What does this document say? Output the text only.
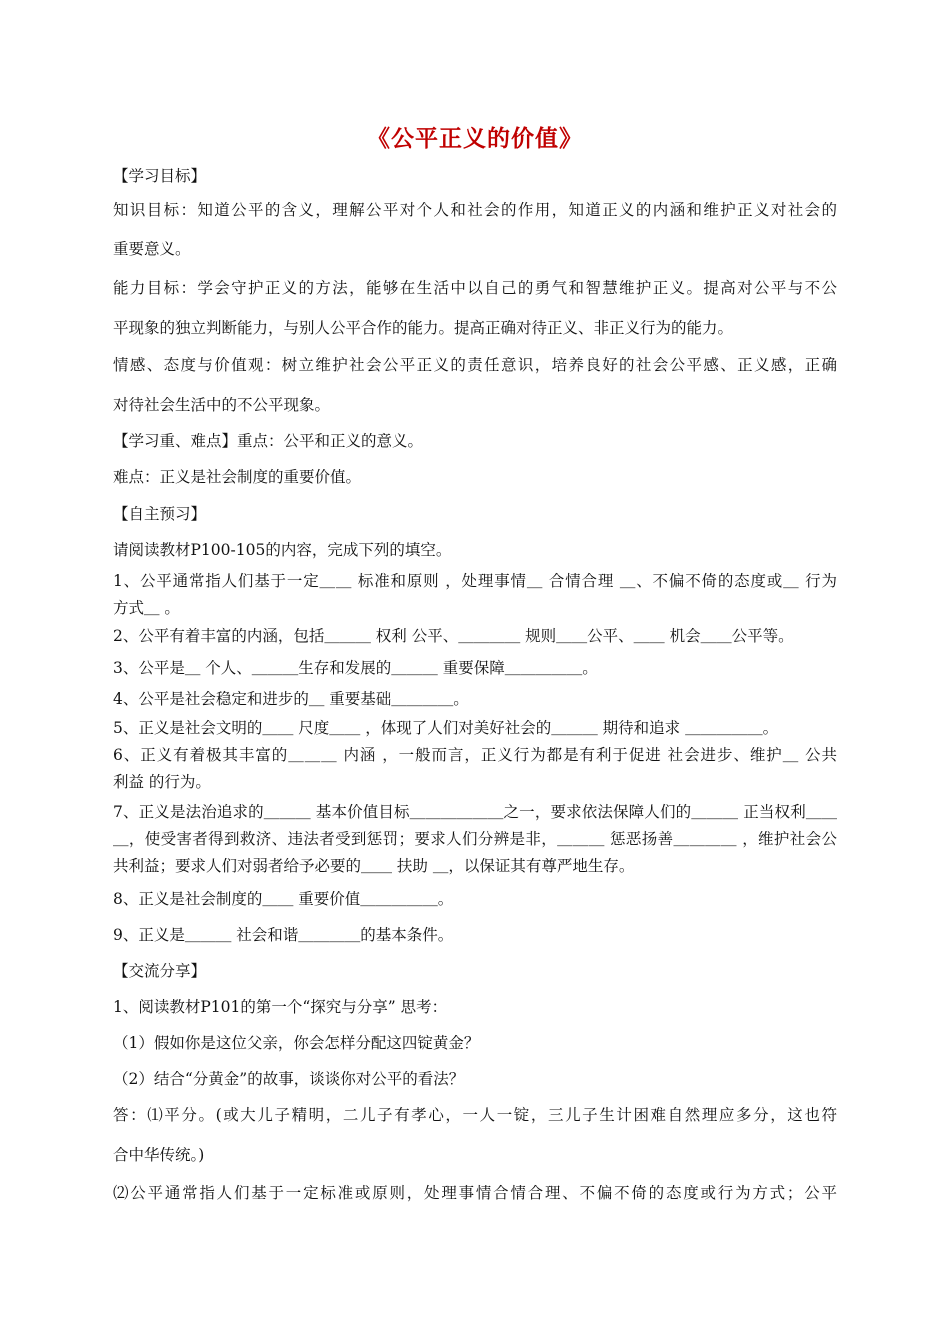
《公平正义的价值》
【学习目标】
知识目标：知道公平的含义，理解公平对个人和社会的作用，知道正义的内涵和维护正义对社会的
重要意义。
能力目标：学会守护正义的方法，能够在生活中以自己的勇气和智慧维护正义。提高对公平与不公
平现象的独立判断能力，与别人公平合作的能力。提高正确对待正义、非正义行为的能力。
情感、态度与价值观：树立维护社会公平正义的责任意识，培养良好的社会公平感、正义感，正确
对待社会生活中的不公平现象。
【学习重、难点】重点：公平和正义的意义。
难点：正义是社会制度的重要价值。
【自主预习】
请阅读教材P100-105的内容，完成下列的填空。
1、公平通常指人们基于一定＿＿ 标准和原则 ，处理事情＿ 合情合理 ＿、不偏不倚的态度或＿ 行为
方式＿ 。
2、公平有着丰富的内涵，包括＿＿＿ 权利 公平、＿＿＿＿ 规则＿＿公平、＿＿ 机会＿＿公平等。
3、公平是＿ 个人、＿＿＿生存和发展的＿＿＿ 重要保障＿＿＿＿＿。
4、公平是社会稳定和进步的＿ 重要基础＿＿＿＿。
5、正义是社会文明的＿＿ 尺度＿＿ ，体现了人们对美好社会的＿＿＿ 期待和追求 ＿＿＿＿＿。
6、正义有着极其丰富的＿＿＿ 内涵 ，一般而言，正义行为都是有利于促进 社会进步、维护＿ 公共
利益 的行为。
7、正义是法治追求的＿＿＿ 基本价值目标＿＿＿＿＿＿之一，要求依法保障人们的＿＿＿ 正当权利＿＿
＿，使受害者得到救济、违法者受到惩罚；要求人们分辨是非，＿＿＿ 惩恶扬善＿＿＿＿ ，维护社会公
共利益；要求人们对弱者给予必要的＿＿ 扶助 ＿，以保证其有尊严地生存。
8、正义是社会制度的＿＿ 重要价值＿＿＿＿＿。
9、正义是＿＿＿ 社会和谐＿＿＿＿的基本条件。
【交流分享】
1、阅读教材P101的第一个“探究与分享” 思考：
（1）假如你是这位父亲，你会怎样分配这四锭黄金？
（2）结合“分黄金”的故事，谈谈你对公平的看法？
答：⑴平分。(或大儿子精明，二儿子有孝心，一人一锭，三儿子生计困难自然理应多分，这也符
合中华传统。)
⑵公平通常指人们基于一定标准或原则，处理事情合情合理、不偏不倚的态度或行为方式；公平
